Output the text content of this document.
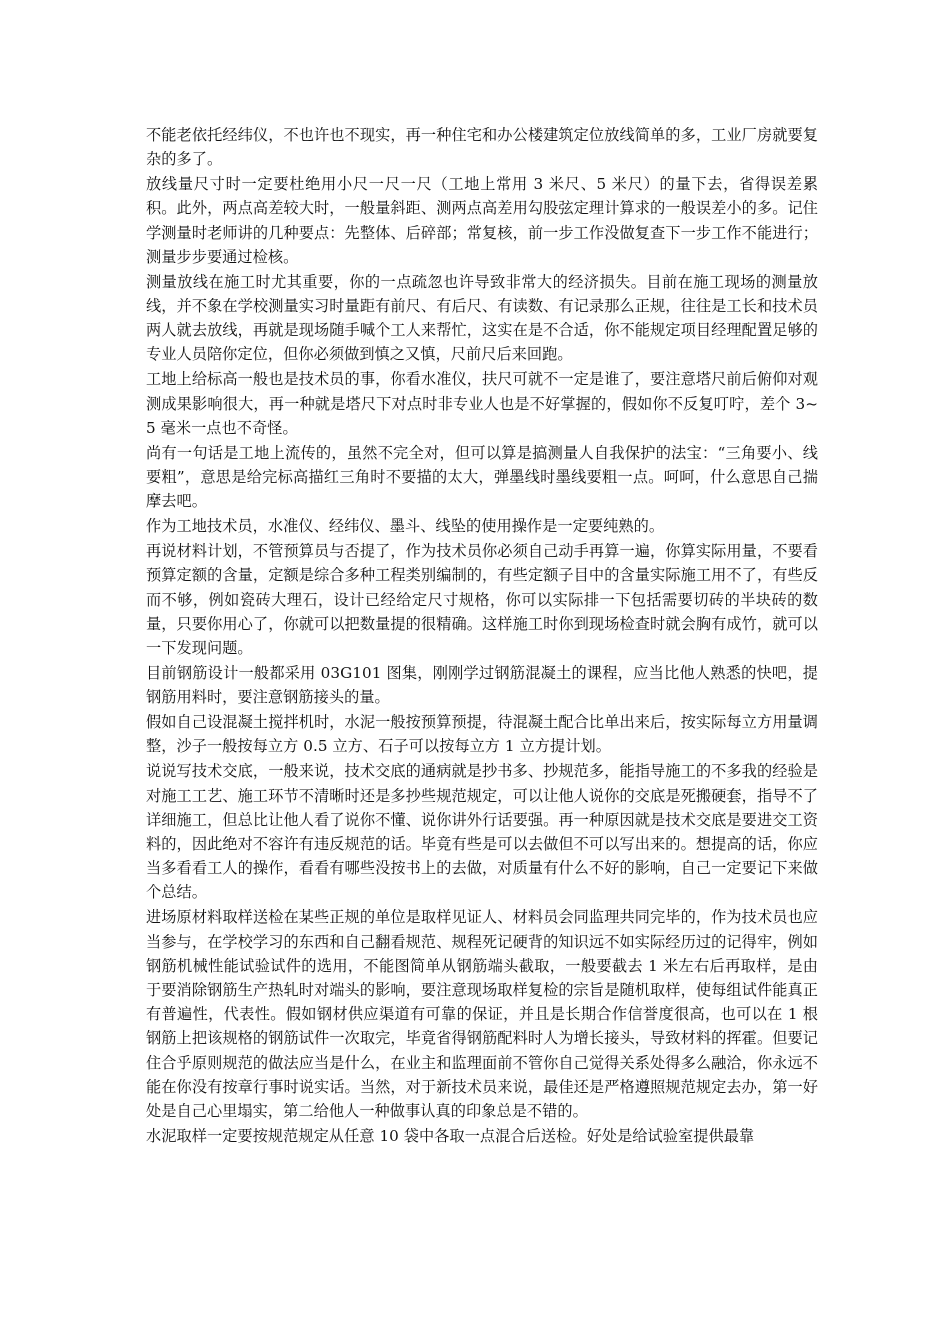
不能老依托经纬仪，不也许也不现实，再一种住宅和办公楼建筑定位放线简单的多，工业厂房就要复杂的多了。

放线量尺寸时一定要杜绝用小尺一尺一尺（工地上常用 3 米尺、5 米尺）的量下去，省得误差累积。此外，两点高差较大时，一般量斜距、测两点高差用勾股弦定理计算求的一般误差小的多。记住学测量时老师讲的几种要点：先整体、后碎部；常复核，前一步工作没做复查下一步工作不能进行；测量步步要通过检核。

测量放线在施工时尤其重要，你的一点疏忽也许导致非常大的经济损失。目前在施工现场的测量放线，并不象在学校测量实习时量距有前尺、有后尺、有读数、有记录那么正规，往往是工长和技术员两人就去放线，再就是现场随手喊个工人来帮忙，这实在是不合适，你不能规定项目经理配置足够的专业人员陪你定位，但你必须做到慎之又慎，尺前尺后来回跑。

工地上给标高一般也是技术员的事，你看水准仪，扶尺可就不一定是谁了，要注意塔尺前后俯仰对观测成果影响很大，再一种就是塔尺下对点时非专业人也是不好掌握的，假如你不反复叮咛，差个 3~5 毫米一点也不奇怪。

尚有一句话是工地上流传的，虽然不完全对，但可以算是搞测量人自我保护的法宝：“三角要小、线要粗”，意思是给完标高描红三角时不要描的太大，弹墨线时墨线要粗一点。呵呵，什么意思自己揣摩去吧。

作为工地技术员，水准仪、经纬仪、墨斗、线坠的使用操作是一定要纯熟的。

再说材料计划，不管预算员与否提了，作为技术员你必须自己动手再算一遍，你算实际用量，不要看预算定额的含量，定额是综合多种工程类别编制的，有些定额子目中的含量实际施工用不了，有些反而不够，例如瓷砖大理石，设计已经给定尺寸规格，你可以实际排一下包括需要切砖的半块砖的数量，只要你用心了，你就可以把数量提的很精确。这样施工时你到现场检查时就会胸有成竹，就可以一下发现问题。

目前钢筋设计一般都采用 03G101 图集，刚刚学过钢筋混凝土的课程，应当比他人熟悉的快吧，提钢筋用料时，要注意钢筋接头的量。

假如自己设混凝土搅拌机时，水泥一般按预算预提，待混凝土配合比单出来后，按实际每立方用量调整，沙子一般按每立方 0.5 立方、石子可以按每立方 1 立方提计划。

说说写技术交底，一般来说，技术交底的通病就是抄书多、抄规范多，能指导施工的不多我的经验是对施工工艺、施工环节不清晰时还是多抄些规范规定，可以让他人说你的交底是死搬硬套，指导不了详细施工，但总比让他人看了说你不懂、说你讲外行话要强。再一种原因就是技术交底是要进交工资料的，因此绝对不容许有违反规范的话。毕竟有些是可以去做但不可以写出来的。想提高的话，你应当多看看工人的操作，看看有哪些没按书上的去做，对质量有什么不好的影响，自己一定要记下来做个总结。

进场原材料取样送检在某些正规的单位是取样见证人、材料员会同监理共同完毕的，作为技术员也应当参与，在学校学习的东西和自己翻看规范、规程死记硬背的知识远不如实际经历过的记得牢，例如钢筋机械性能试验试件的选用，不能图简单从钢筋端头截取，一般要截去 1 米左右后再取样，是由于要消除钢筋生产热轧时对端头的影响，要注意现场取样复检的宗旨是随机取样，使每组试件能真正有普遍性，代表性。假如钢材供应渠道有可靠的保证，并且是长期合作信誉度很高，也可以在 1 根钢筋上把该规格的钢筋试件一次取完，毕竟省得钢筋配料时人为增长接头，导致材料的挥霍。但要记住合乎原则规范的做法应当是什么，在业主和监理面前不管你自己觉得关系处得多么融洽，你永远不能在你没有按章行事时说实话。当然，对于新技术员来说，最佳还是严格遵照规范规定去办，第一好处是自己心里塌实，第二给他人一种做事认真的印象总是不错的。

水泥取样一定要按规范规定从任意 10 袋中各取一点混合后送检。好处是给试验室提供最靠
